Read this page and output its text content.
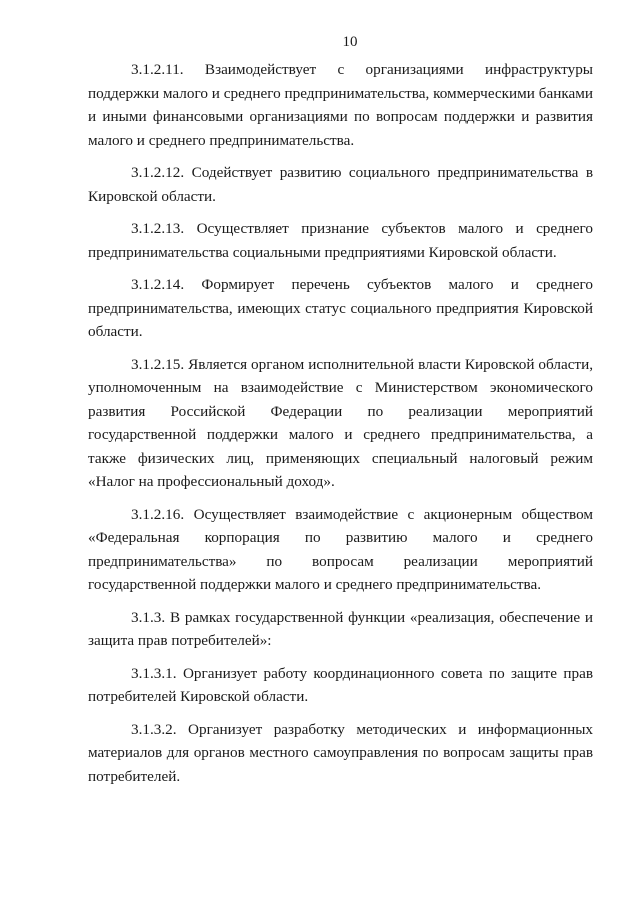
10

3.1.2.11. Взаимодействует с организациями инфраструктуры поддержки малого и среднего предпринимательства, коммерческими банками и иными финансовыми организациями по вопросам поддержки и развития малого и среднего предпринимательства.

3.1.2.12. Содействует развитию социального предпринимательства в Кировской области.

3.1.2.13. Осуществляет признание субъектов малого и среднего предпринимательства социальными предприятиями Кировской области.

3.1.2.14. Формирует перечень субъектов малого и среднего предпринимательства, имеющих статус социального предприятия Кировской области.

3.1.2.15. Является органом исполнительной власти Кировской области, уполномоченным на взаимодействие с Министерством экономического развития Российской Федерации по реализации мероприятий государственной поддержки малого и среднего предпринимательства, а также физических лиц, применяющих специальный налоговый режим «Налог на профессиональный доход».

3.1.2.16. Осуществляет взаимодействие с акционерным обществом «Федеральная корпорация по развитию малого и среднего предпринимательства» по вопросам реализации мероприятий государственной поддержки малого и среднего предпринимательства.

3.1.3. В рамках государственной функции «реализация, обеспечение и защита прав потребителей»:

3.1.3.1. Организует работу координационного совета по защите прав потребителей Кировской области.

3.1.3.2. Организует разработку методических и информационных материалов для органов местного самоуправления по вопросам защиты прав потребителей.
